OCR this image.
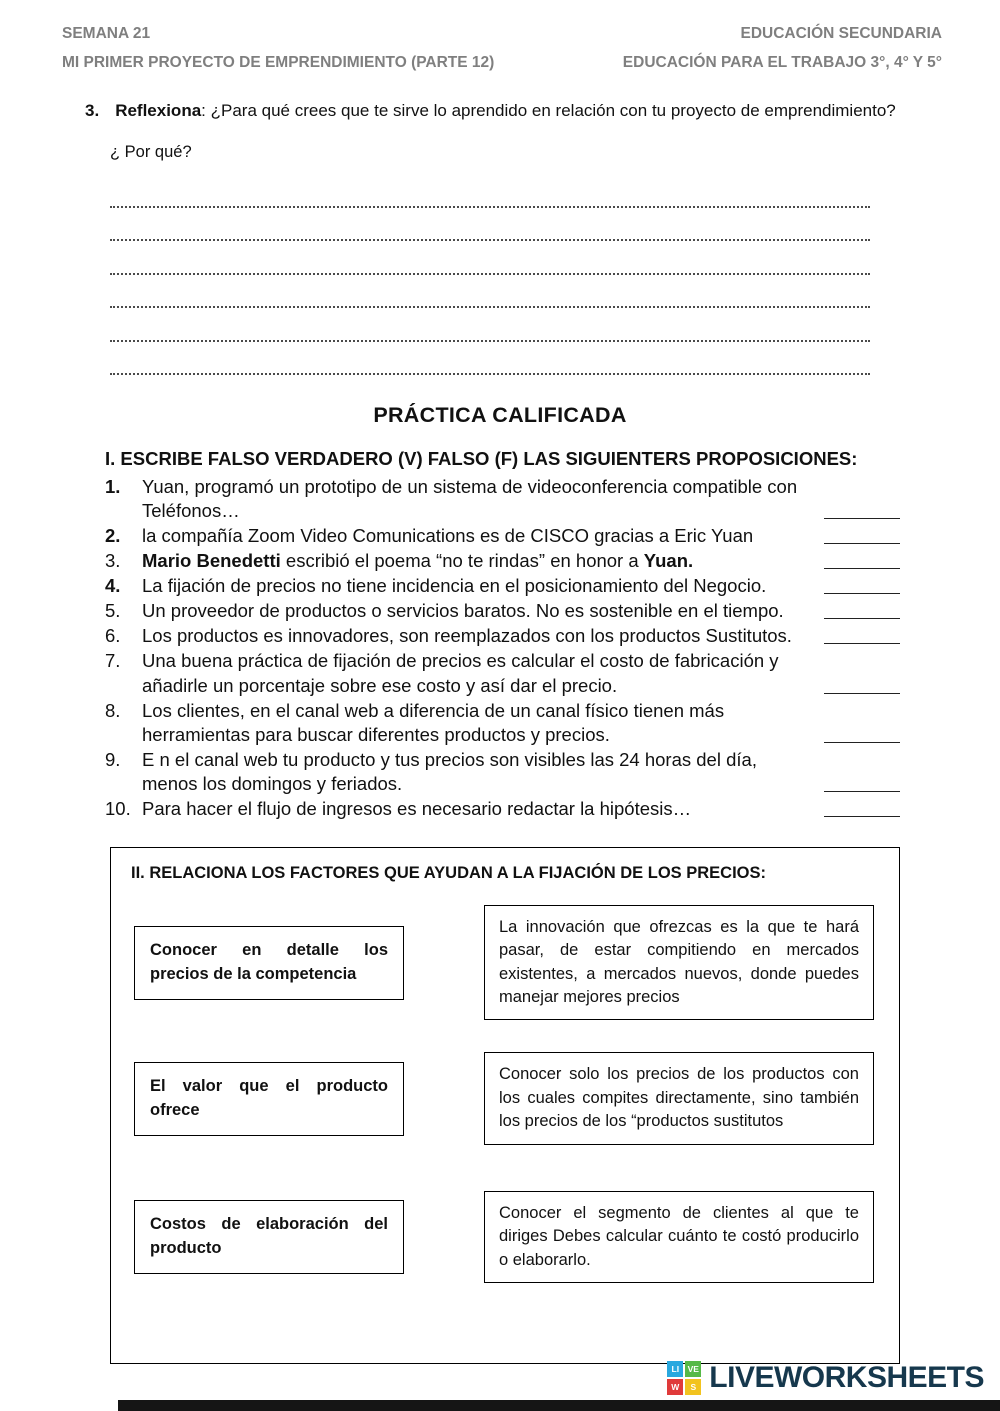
SEMANA 21
MI PRIMER PROYECTO DE EMPRENDIMIENTO (PARTE 12)
EDUCACIÓN SECUNDARIA
EDUCACIÓN PARA EL TRABAJO 3°, 4° Y 5°
3. Reflexiona: ¿Para qué crees que te sirve lo aprendido en relación con tu proyecto de emprendimiento?
¿ Por qué?
PRÁCTICA CALIFICADA
I. ESCRIBE FALSO VERDADERO (V) FALSO (F) LAS SIGUIENTERS PROPOSICIONES:
1.	Yuan, programó un prototipo de un sistema de videoconferencia compatible con Teléfonos…
2.	la compañía Zoom Video Comunications es de CISCO gracias a Eric Yuan
3.	Mario Benedetti escribió el poema “no te rindas” en honor a Yuan.
4.	La fijación de precios no tiene incidencia en el posicionamiento del Negocio.
5.	Un proveedor de productos o servicios baratos. No es sostenible en el tiempo.
6.	Los productos es innovadores, son reemplazados con los productos Sustitutos.
7.	Una buena práctica de fijación de precios es calcular el costo de fabricación y añadirle un porcentaje sobre ese costo y así dar el precio.
8.	Los clientes, en el canal web a diferencia de un canal físico tienen más herramientas para buscar diferentes productos y precios.
9.	E n el canal web tu producto y tus precios son visibles las 24 horas del día, menos los domingos y feriados.
10. Para hacer el flujo de ingresos es necesario redactar la hipótesis…
II. RELACIONA LOS FACTORES QUE AYUDAN A LA FIJACIÓN DE LOS PRECIOS:
Conocer en detalle los precios de la competencia
La innovación que ofrezcas es la que te hará pasar, de estar compitiendo en mercados existentes, a mercados nuevos, donde puedes manejar mejores precios
El valor que el producto ofrece
Conocer solo los precios de los productos con los cuales compites directamente, sino también los precios de los “productos sustitutos
Costos de elaboración del producto
Conocer el segmento de clientes al que te diriges Debes calcular cuánto te costó producirlo o elaborarlo.
LI	VE
W	S LIVEWORKSHEETS
